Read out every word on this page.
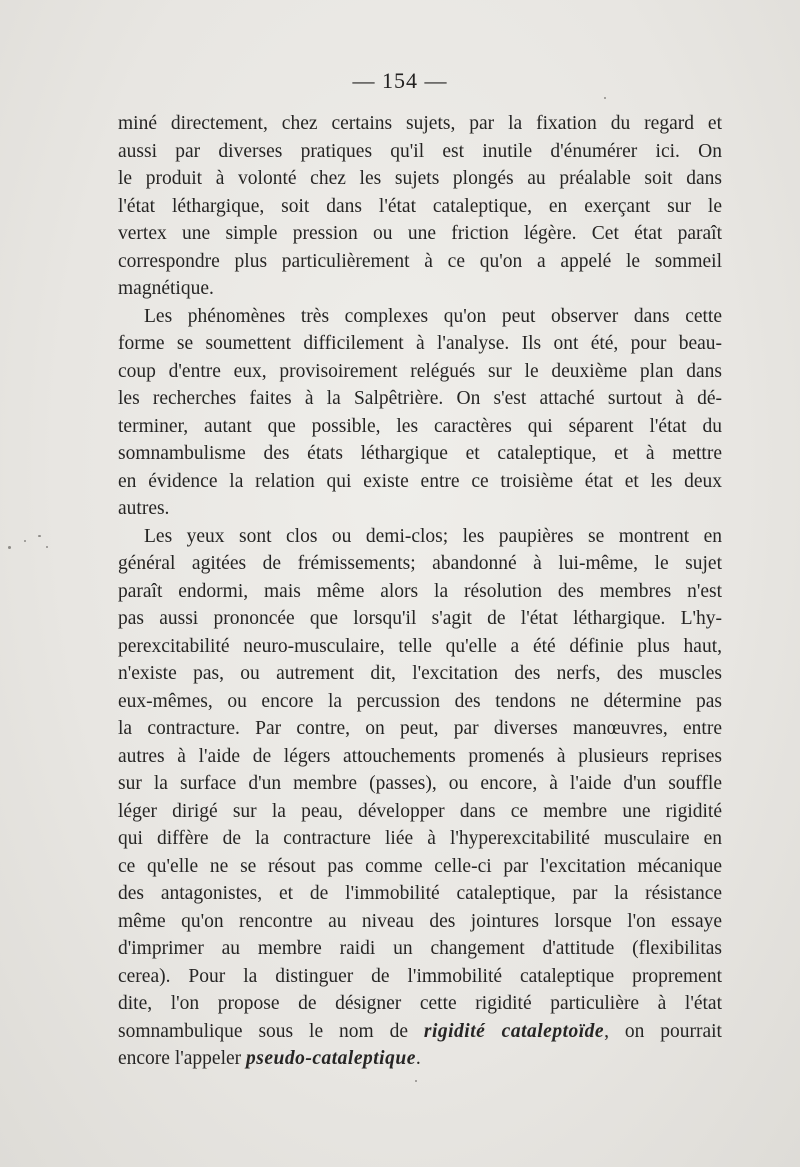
— 154 —
miné directement, chez certains sujets, par la fixation du regard et
aussi par diverses pratiques qu'il est inutile d'énumérer ici. On
le produit à volonté chez les sujets plongés au préalable soit dans
l'état léthargique, soit dans l'état cataleptique, en exerçant sur le
vertex une simple pression ou une friction légère. Cet état paraît
correspondre plus particulièrement à ce qu'on a appelé le sommeil
magnétique.
Les phénomènes très complexes qu'on peut observer dans cette
forme se soumettent difficilement à l'analyse. Ils ont été, pour beau-
coup d'entre eux, provisoirement relégués sur le deuxième plan dans
les recherches faites à la Salpêtrière. On s'est attaché surtout à dé-
terminer, autant que possible, les caractères qui séparent l'état du
somnambulisme des états léthargique et cataleptique, et à mettre
en évidence la relation qui existe entre ce troisième état et les deux
autres.
Les yeux sont clos ou demi-clos; les paupières se montrent en
général agitées de frémissements; abandonné à lui-même, le sujet
paraît endormi, mais même alors la résolution des membres n'est
pas aussi prononcée que lorsqu'il s'agit de l'état léthargique. L'hy-
perexcitabilité neuro-musculaire, telle qu'elle a été définie plus haut,
n'existe pas, ou autrement dit, l'excitation des nerfs, des muscles
eux-mêmes, ou encore la percussion des tendons ne détermine pas
la contracture. Par contre, on peut, par diverses manœuvres, entre
autres à l'aide de légers attouchements promenés à plusieurs reprises
sur la surface d'un membre (passes), ou encore, à l'aide d'un souffle
léger dirigé sur la peau, développer dans ce membre une rigidité
qui diffère de la contracture liée à l'hyperexcitabilité musculaire en
ce qu'elle ne se résout pas comme celle-ci par l'excitation mécanique
des antagonistes, et de l'immobilité cataleptique, par la résistance
même qu'on rencontre au niveau des jointures lorsque l'on essaye
d'imprimer au membre raidi un changement d'attitude (flexibilitas
cerea). Pour la distinguer de l'immobilité cataleptique proprement
dite, l'on propose de désigner cette rigidité particulière à l'état
somnambulique sous le nom de rigidité cataleptoïde, on pourrait
encore l'appeler pseudo-cataleptique.
